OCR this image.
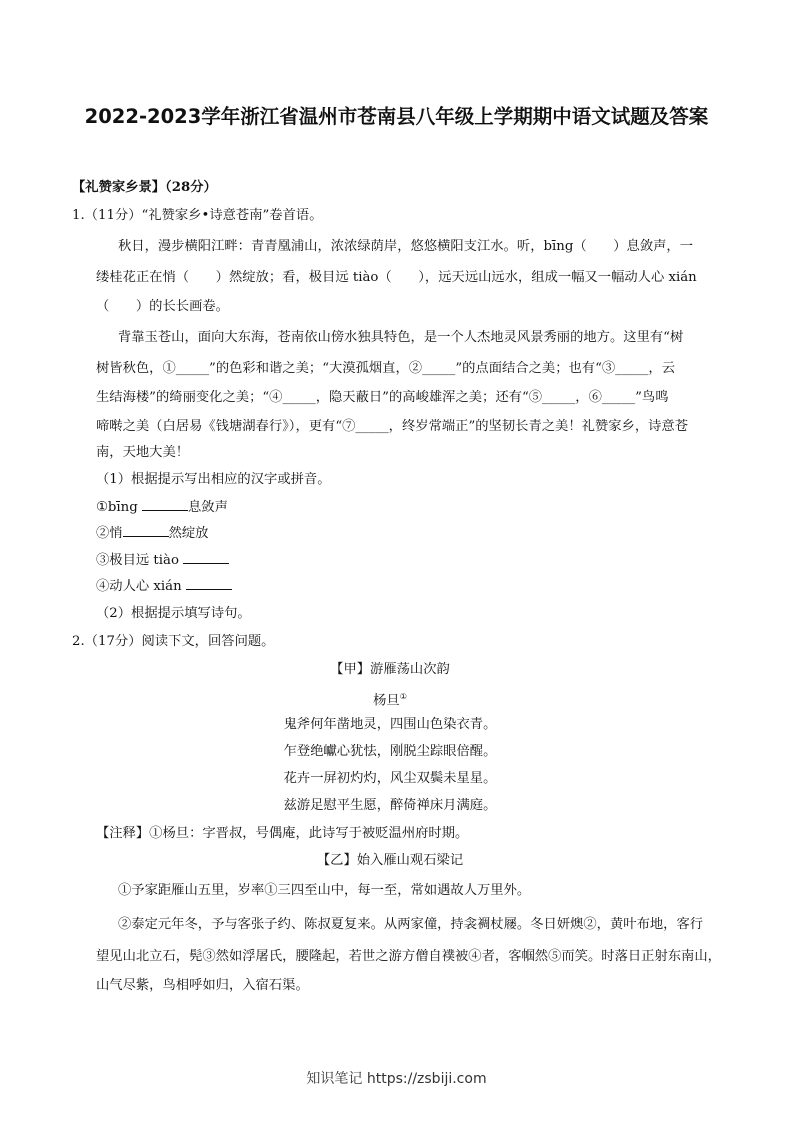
2022-2023学年浙江省温州市苍南县八年级上学期期中语文试题及答案
【礼赞家乡景】（28分）
1.（11分）“礼赞家乡•诗意苍南”卷首语。
秋日，漫步横阳江畔：青青凰浦山，浓浓绿荫岸，悠悠横阳支江水。听，bīng（　　）息敛声，一
缕桂花正在悄（　　）然绽放；看，极目远 tiào（　　），远天远山远水，组成一幅又一幅动人心 xián
（　　）的长长画卷。
背靠玉苍山，面向大东海，苍南依山傍水独具特色，是一个人杰地灵风景秀丽的地方。这里有“树
树皆秋色，①_____”的色彩和谐之美；“大漠孤烟直，②_____”的点面结合之美；也有“③_____，云
生结海楼”的绮丽变化之美；“④_____，隐天蔽日”的高峻雄浑之美；还有“⑤_____，⑥_____”鸟鸣
啼啭之美（白居易《钱塘湖春行》），更有“⑦_____，终岁常端正”的坚韧长青之美！礼赞家乡，诗意苍
南，天地大美！
（1）根据提示写出相应的汉字或拼音。
①bīng	息敛声
②悄	然绽放
③极目远 tiào
④动人心 xián
（2）根据提示填写诗句。
2.（17分）阅读下文，回答问题。
【甲】游雁荡山次韵
杨旦①
鬼斧何年凿地灵，四围山色染衣青。
乍登绝巘心犹怯，刚脱尘踪眼倍醒。
花卉一屏初灼灼，风尘双鬓未星星。
兹游足慰平生愿，醉倚禅床月满庭。
【注释】①杨旦：字晋叔，号偶庵，此诗写于被贬温州府时期。
【乙】始入雁山观石梁记
①予家距雁山五里，岁率①三四至山中，每一至，常如遇故人万里外。
②泰定元年冬，予与客张子约、陈叔夏复来。从两家僮，持衾裯杖屦。冬日妍燠②，黄叶布地，客行
望见山北立石，髡③然如浮屠氏，腰隆起，若世之游方僧自襆被④者，客帼然⑤而笑。时落日正射东南山，
山气尽紫，鸟相呼如归，入宿石渠。
知识笔记 https://zsbiji.com
